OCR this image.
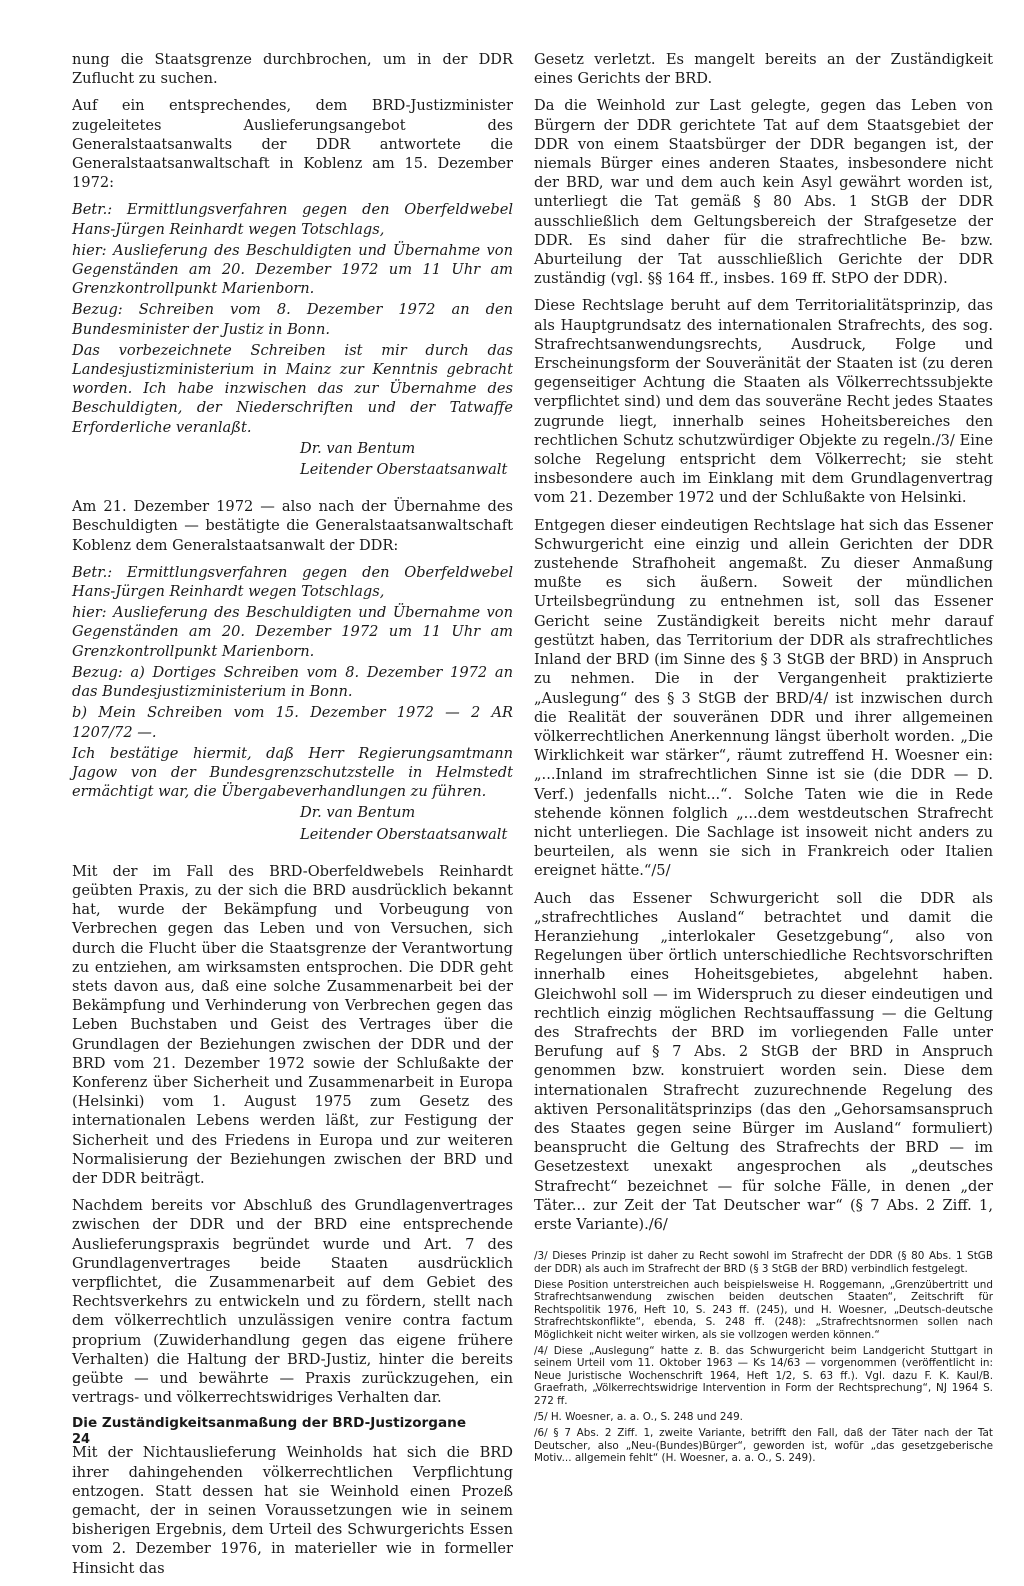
nung die Staatsgrenze durchbrochen, um in der DDR Zuflucht zu suchen.

Auf ein entsprechendes, dem BRD-Justizminister zugeleitetes Auslieferungsangebot des Generalstaatsanwalts der DDR antwortete die Generalstaatsanwaltschaft in Koblenz am 15. Dezember 1972:

Betr.: Ermittlungsverfahren gegen den Oberfeldwebel Hans-Jürgen Reinhardt wegen Totschlags,

hier: Auslieferung des Beschuldigten und Übernahme von Gegenständen am 20. Dezember 1972 um 11 Uhr am Grenzkontrollpunkt Marienborn.

Bezug: Schreiben vom 8. Dezember 1972 an den Bundesminister der Justiz in Bonn.

Das vorbezeichnete Schreiben ist mir durch das Landesjustizministerium in Mainz zur Kenntnis gebracht worden. Ich habe inzwischen das zur Übernahme des Beschuldigten, der Niederschriften und der Tatwaffe Erforderliche veranlaßt.

Dr. van Bentum

Leitender Oberstaatsanwalt

Am 21. Dezember 1972 — also nach der Übernahme des Beschuldigten — bestätigte die Generalstaatsanwaltschaft Koblenz dem Generalstaatsanwalt der DDR:

Betr.: Ermittlungsverfahren gegen den Oberfeldwebel Hans-Jürgen Reinhardt wegen Totschlags,

hier: Auslieferung des Beschuldigten und Übernahme von Gegenständen am 20. Dezember 1972 um 11 Uhr am Grenzkontrollpunkt Marienborn.

Bezug: a) Dortiges Schreiben vom 8. Dezember 1972 an das Bundesjustizministerium in Bonn.

b) Mein Schreiben vom 15. Dezember 1972 — 2 AR 1207/72 —.

Ich bestätige hiermit, daß Herr Regierungsamtmann Jagow von der Bundesgrenzschutzstelle in Helmstedt ermächtigt war, die Übergabeverhandlungen zu führen.

Dr. van Bentum

Leitender Oberstaatsanwalt

Mit der im Fall des BRD-Oberfeldwebels Reinhardt geübten Praxis, zu der sich die BRD ausdrücklich bekannt hat, wurde der Bekämpfung und Vorbeugung von Verbrechen gegen das Leben und von Versuchen, sich durch die Flucht über die Staatsgrenze der Verantwortung zu entziehen, am wirksamsten entsprochen. Die DDR geht stets davon aus, daß eine solche Zusammenarbeit bei der Bekämpfung und Verhinderung von Verbrechen gegen das Leben Buchstaben und Geist des Vertrages über die Grundlagen der Beziehungen zwischen der DDR und der BRD vom 21. Dezember 1972 sowie der Schlußakte der Konferenz über Sicherheit und Zusammenarbeit in Europa (Helsinki) vom 1. August 1975 zum Gesetz des internationalen Lebens werden läßt, zur Festigung der Sicherheit und des Friedens in Europa und zur weiteren Normalisierung der Beziehungen zwischen der BRD und der DDR beiträgt.

Nachdem bereits vor Abschluß des Grundlagenvertrages zwischen der DDR und der BRD eine entsprechende Auslieferungspraxis begründet wurde und Art. 7 des Grundlagenvertrages beide Staaten ausdrücklich verpflichtet, die Zusammenarbeit auf dem Gebiet des Rechtsverkehrs zu entwickeln und zu fördern, stellt nach dem völkerrechtlich unzulässigen venire contra factum proprium (Zuwiderhandlung gegen das eigene frühere Verhalten) die Haltung der BRD-Justiz, hinter die bereits geübte — und bewährte — Praxis zurückzugehen, ein vertrags- und völkerrechtswidriges Verhalten dar.

Die Zuständigkeitsanmaßung der BRD-Justizorgane

Mit der Nichtauslieferung Weinholds hat sich die BRD ihrer dahingehenden völkerrechtlichen Verpflichtung entzogen. Statt dessen hat sie Weinhold einen Prozeß gemacht, der in seinen Voraussetzungen wie in seinem bisherigen Ergebnis, dem Urteil des Schwurgerichts Essen vom 2. Dezember 1976, in materieller wie in formeller Hinsicht das

Gesetz verletzt. Es mangelt bereits an der Zuständigkeit eines Gerichts der BRD.

Da die Weinhold zur Last gelegte, gegen das Leben von Bürgern der DDR gerichtete Tat auf dem Staatsgebiet der DDR von einem Staatsbürger der DDR begangen ist, der niemals Bürger eines anderen Staates, insbesondere nicht der BRD, war und dem auch kein Asyl gewährt worden ist, unterliegt die Tat gemäß § 80 Abs. 1 StGB der DDR ausschließlich dem Geltungsbereich der Strafgesetze der DDR. Es sind daher für die strafrechtliche Be- bzw. Aburteilung der Tat ausschließlich Gerichte der DDR zuständig (vgl. §§ 164 ff., insbes. 169 ff. StPO der DDR).

Diese Rechtslage beruht auf dem Territorialitätsprinzip, das als Hauptgrundsatz des internationalen Strafrechts, des sog. Strafrechtsanwendungsrechts, Ausdruck, Folge und Erscheinungsform der Souveränität der Staaten ist (zu deren gegenseitiger Achtung die Staaten als Völkerrechtssubjekte verpflichtet sind) und dem das souveräne Recht jedes Staates zugrunde liegt, innerhalb seines Hoheitsbereiches den rechtlichen Schutz schutzwürdiger Objekte zu regeln./3/ Eine solche Regelung entspricht dem Völkerrecht; sie steht insbesondere auch im Einklang mit dem Grundlagenvertrag vom 21. Dezember 1972 und der Schlußakte von Helsinki.

Entgegen dieser eindeutigen Rechtslage hat sich das Essener Schwurgericht eine einzig und allein Gerichten der DDR zustehende Strafhoheit angemaßt. Zu dieser Anmaßung mußte es sich äußern. Soweit der mündlichen Urteilsbegründung zu entnehmen ist, soll das Essener Gericht seine Zuständigkeit bereits nicht mehr darauf gestützt haben, das Territorium der DDR als strafrechtliches Inland der BRD (im Sinne des § 3 StGB der BRD) in Anspruch zu nehmen. Die in der Vergangenheit praktizierte „Auslegung“ des § 3 StGB der BRD/4/ ist inzwischen durch die Realität der souveränen DDR und ihrer allgemeinen völkerrechtlichen Anerkennung längst überholt worden. „Die Wirklichkeit war stärker“, räumt zutreffend H. Woesner ein: „...Inland im strafrechtlichen Sinne ist sie (die DDR — D. Verf.) jedenfalls nicht...“. Solche Taten wie die in Rede stehende können folglich „...dem westdeutschen Strafrecht nicht unterliegen. Die Sachlage ist insoweit nicht anders zu beurteilen, als wenn sie sich in Frankreich oder Italien ereignet hätte.“/5/

Auch das Essener Schwurgericht soll die DDR als „strafrechtliches Ausland“ betrachtet und damit die Heranziehung „interlokaler Gesetzgebung“, also von Regelungen über örtlich unterschiedliche Rechtsvorschriften innerhalb eines Hoheitsgebietes, abgelehnt haben. Gleichwohl soll — im Widerspruch zu dieser eindeutigen und rechtlich einzig möglichen Rechtsauffassung — die Geltung des Strafrechts der BRD im vorliegenden Falle unter Berufung auf § 7 Abs. 2 StGB der BRD in Anspruch genommen bzw. konstruiert worden sein. Diese dem internationalen Strafrecht zuzurechnende Regelung des aktiven Personalitätsprinzips (das den „Gehorsamsanspruch des Staates gegen seine Bürger im Ausland“ formuliert) beansprucht die Geltung des Strafrechts der BRD — im Gesetzestext unexakt angesprochen als „deutsches Strafrecht“ bezeichnet — für solche Fälle, in denen „der Täter... zur Zeit der Tat Deutscher war“ (§ 7 Abs. 2 Ziff. 1, erste Variante)./6/

/3/ Dieses Prinzip ist daher zu Recht sowohl im Strafrecht der DDR (§ 80 Abs. 1 StGB der DDR) als auch im Strafrecht der BRD (§ 3 StGB der BRD) verbindlich festgelegt.

Diese Position unterstreichen auch beispielsweise H. Roggemann, „Grenzübertritt und Strafrechtsanwendung zwischen beiden deutschen Staaten“, Zeitschrift für Rechtspolitik 1976, Heft 10, S. 243 ff. (245), und H. Woesner, „Deutsch-deutsche Strafrechtskonflikte“, ebenda, S. 248 ff. (248): „Strafrechtsnormen sollen nach Möglichkeit nicht weiter wirken, als sie vollzogen werden können.“

/4/ Diese „Auslegung“ hatte z. B. das Schwurgericht beim Landgericht Stuttgart in seinem Urteil vom 11. Oktober 1963 — Ks 14/63 — vorgenommen (veröffentlicht in: Neue Juristische Wochenschrift 1964, Heft 1/2, S. 63 ff.). Vgl. dazu F. K. Kaul/B. Graefrath, „Völkerrechtswidrige Intervention in Form der Rechtsprechung“, NJ 1964 S. 272 ff.

/5/ H. Woesner, a. a. O., S. 248 und 249.

/6/ § 7 Abs. 2 Ziff. 1, zweite Variante, betrifft den Fall, daß der Täter nach der Tat Deutscher, also „Neu-(Bundes)Bürger“, geworden ist, wofür „das gesetzgeberische Motiv... allgemein fehlt“ (H. Woesner, a. a. O., S. 249).

24
